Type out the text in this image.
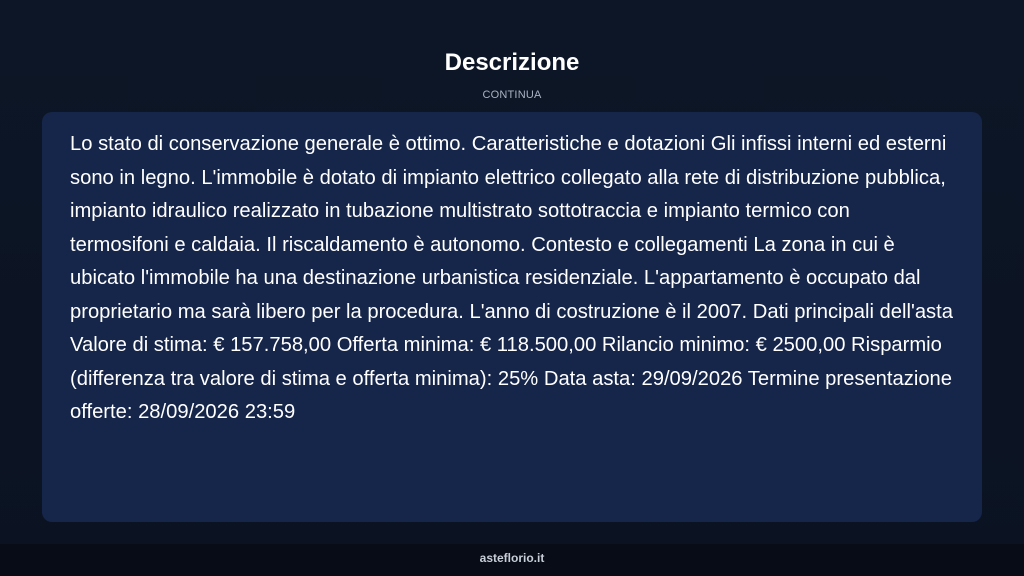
Descrizione
CONTINUA

Lo stato di conservazione generale è ottimo. Caratteristiche e dotazioni Gli infissi interni ed esterni sono in legno. L'immobile è dotato di impianto elettrico collegato alla rete di distribuzione pubblica, impianto idraulico realizzato in tubazione multistrato sottotraccia e impianto termico con termosifoni e caldaia. Il riscaldamento è autonomo. Contesto e collegamenti La zona in cui è ubicato l'immobile ha una destinazione urbanistica residenziale. L'appartamento è occupato dal proprietario ma sarà libero per la procedura. L'anno di costruzione è il 2007. Dati principali dell'asta Valore di stima: € 157.758,00 Offerta minima: € 118.500,00 Rilancio minimo: € 2500,00 Risparmio (differenza tra valore di stima e offerta minima): 25% Data asta: 29/09/2026 Termine presentazione offerte: 28/09/2026 23:59

asteflorio.it
